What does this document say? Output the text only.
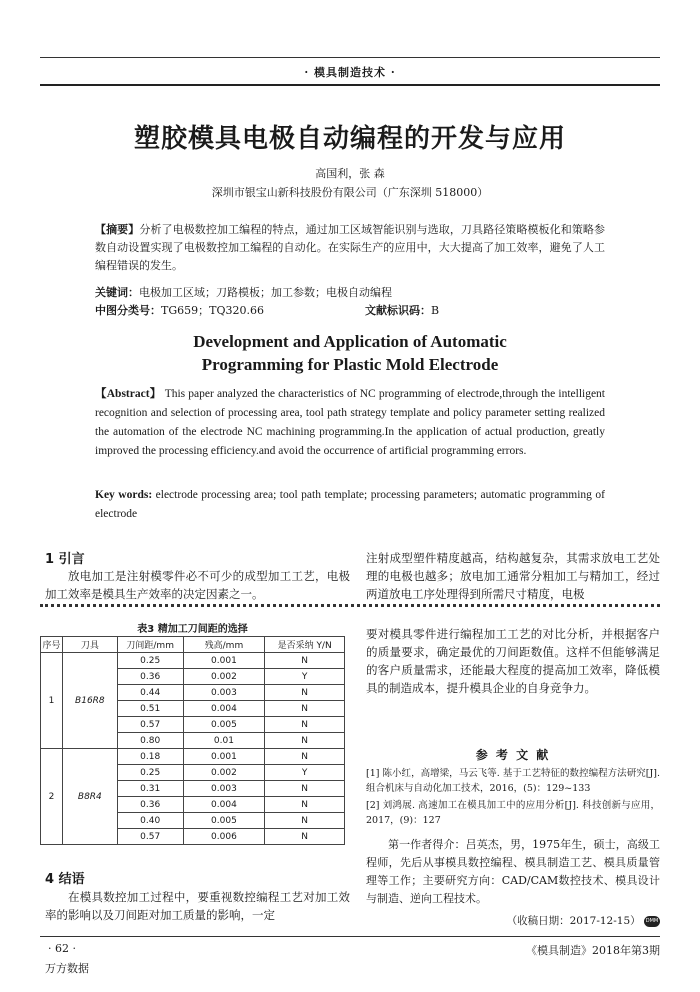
· 模具制造技术 ·
塑胶模具电极自动编程的开发与应用
高国利，张 森
深圳市银宝山新科技股份有限公司（广东深圳 518000）
【摘要】分析了电极数控加工编程的特点，通过加工区域智能识别与选取，刀具路径策略模板化和策略参数自动设置实现了电极数控加工编程的自动化。在实际生产的应用中，大大提高了加工效率，避免了人工编程错误的发生。
关键词：电极加工区域；刀路模板；加工参数；电极自动编程
中图分类号：TG659；TQ320.66	文献标识码：B
Development and Application of Automatic
Programming for Plastic Mold Electrode
【Abstract】 This paper analyzed the characteristics of NC programming of electrode,through the intelligent recognition and selection of processing area, tool path strategy template and policy parameter setting realized the automation of the electrode NC machining programming.In the application of actual production, greatly improved the processing efficiency.and avoid the occurrence of artificial programming errors.
Key words: electrode processing area; tool path template; processing parameters; automatic programming of electrode
1 引言
放电加工是注射模零件必不可少的成型加工工艺，电极加工效率是模具生产效率的决定因素之一。
注射成型塑件精度越高，结构越复杂，其需求放电工艺处理的电极也越多；放电加工通常分粗加工与精加工，经过两道放电工序处理得到所需尺寸精度，电极
表3 精加工刀间距的选择
序号	刀具	刀间距/mm	残高/mm	是否采纳 Y/N
1	B16R8	0.25	0.001	N
		0.36	0.002	Y
		0.44	0.003	N
		0.51	0.004	N
		0.57	0.005	N
		0.80	0.01	N
2	B8R4	0.18	0.001	N
		0.25	0.002	Y
		0.31	0.003	N
		0.36	0.004	N
		0.40	0.005	N
		0.57	0.006	N
4 结语
在模具数控加工过程中，要重视数控编程工艺对加工效率的影响以及刀间距对加工质量的影响，一定
要对模具零件进行编程加工工艺的对比分析，并根据客户的质量要求，确定最优的刀间距数值。这样不但能够满足的客户质量需求，还能最大程度的提高加工效率，降低模具的制造成本，提升模具企业的自身竞争力。
参 考 文 献
[1] 陈小红，高增梁，马云飞等. 基于工艺特征的数控编程方法研究[J]. 组合机床与自动化加工技术，2016，(5)：129~133
[2] 刘鸿展. 高速加工在模具加工中的应用分析[J]. 科技创新与应用，2017，(9)：127
第一作者得介：吕英杰，男，1975年生，硕士，高级工程师，先后从事模具数控编程、模具制造工艺、模具质量管理等工作；主要研究方向：CAD/CAM数控技术、模具设计与制造、逆向工程技术。
（收稿日期：2017-12-15） DMM
· 62 ·
万方数据
《模具制造》2018年第3期
